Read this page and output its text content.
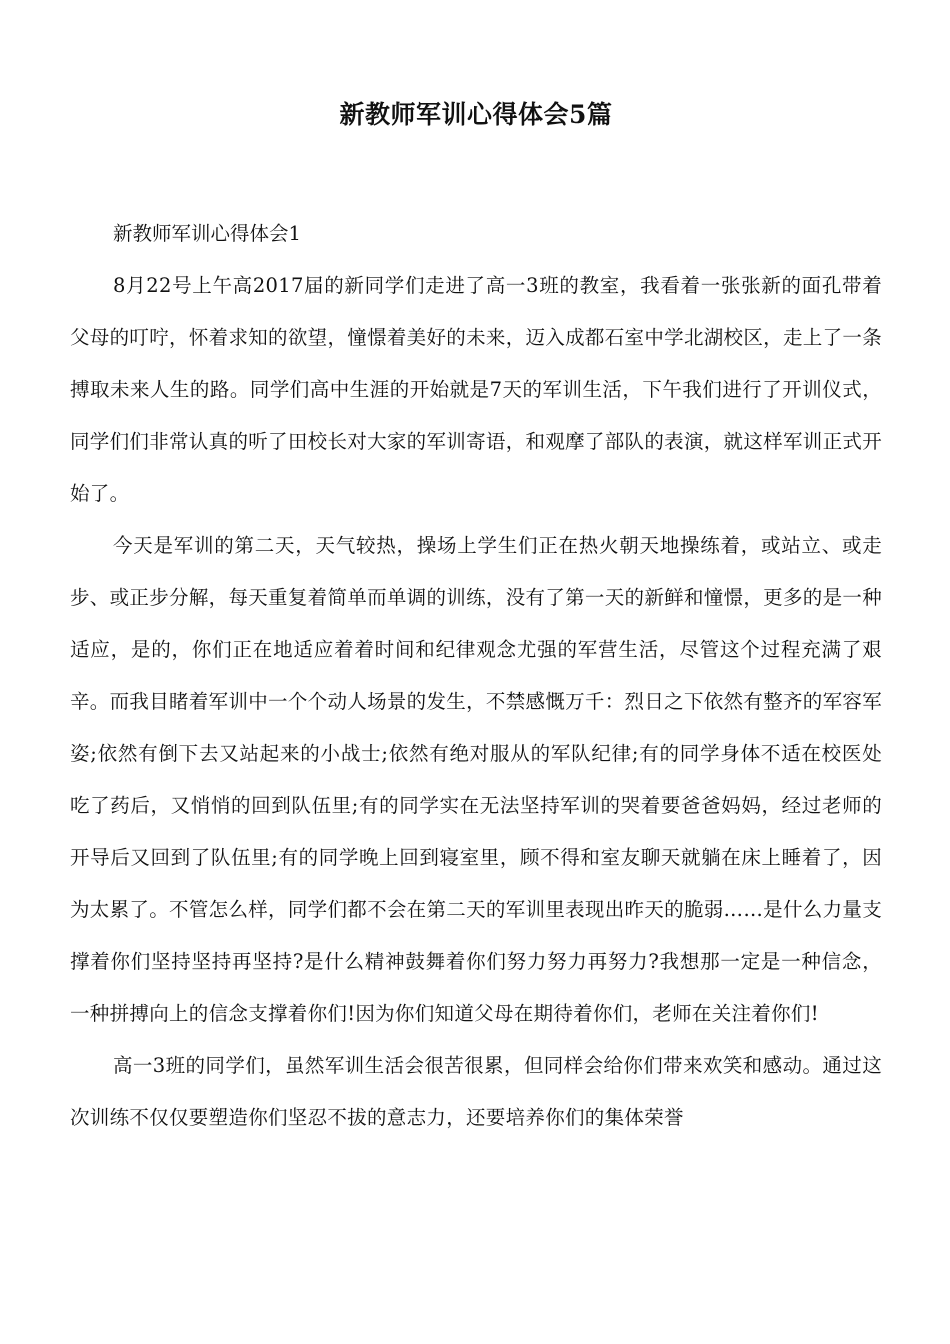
新教师军训心得体会5篇

新教师军训心得体会1

8月22号上午高2017届的新同学们走进了高一3班的教室，我看着一张张新的面孔带着父母的叮咛，怀着求知的欲望，憧憬着美好的未来，迈入成都石室中学北湖校区，走上了一条搏取未来人生的路。同学们高中生涯的开始就是7天的军训生活，下午我们进行了开训仪式，同学们们非常认真的听了田校长对大家的军训寄语，和观摩了部队的表演，就这样军训正式开始了。

今天是军训的第二天，天气较热，操场上学生们正在热火朝天地操练着，或站立、或走步、或正步分解，每天重复着简单而单调的训练，没有了第一天的新鲜和憧憬，更多的是一种适应，是的，你们正在地适应着着时间和纪律观念尤强的军营生活，尽管这个过程充满了艰辛。而我目睹着军训中一个个动人场景的发生，不禁感慨万千：烈日之下依然有整齐的军容军姿;依然有倒下去又站起来的小战士;依然有绝对服从的军队纪律;有的同学身体不适在校医处吃了药后，又悄悄的回到队伍里;有的同学实在无法坚持军训的哭着要爸爸妈妈，经过老师的开导后又回到了队伍里;有的同学晚上回到寝室里，顾不得和室友聊天就躺在床上睡着了，因为太累了。不管怎么样，同学们都不会在第二天的军训里表现出昨天的脆弱……是什么力量支撑着你们坚持坚持再坚持?是什么精神鼓舞着你们努力努力再努力?我想那一定是一种信念，一种拼搏向上的信念支撑着你们!因为你们知道父母在期待着你们，老师在关注着你们!

高一3班的同学们，虽然军训生活会很苦很累，但同样会给你们带来欢笑和感动。通过这次训练不仅仅要塑造你们坚忍不拔的意志力，还要培养你们的集体荣誉
